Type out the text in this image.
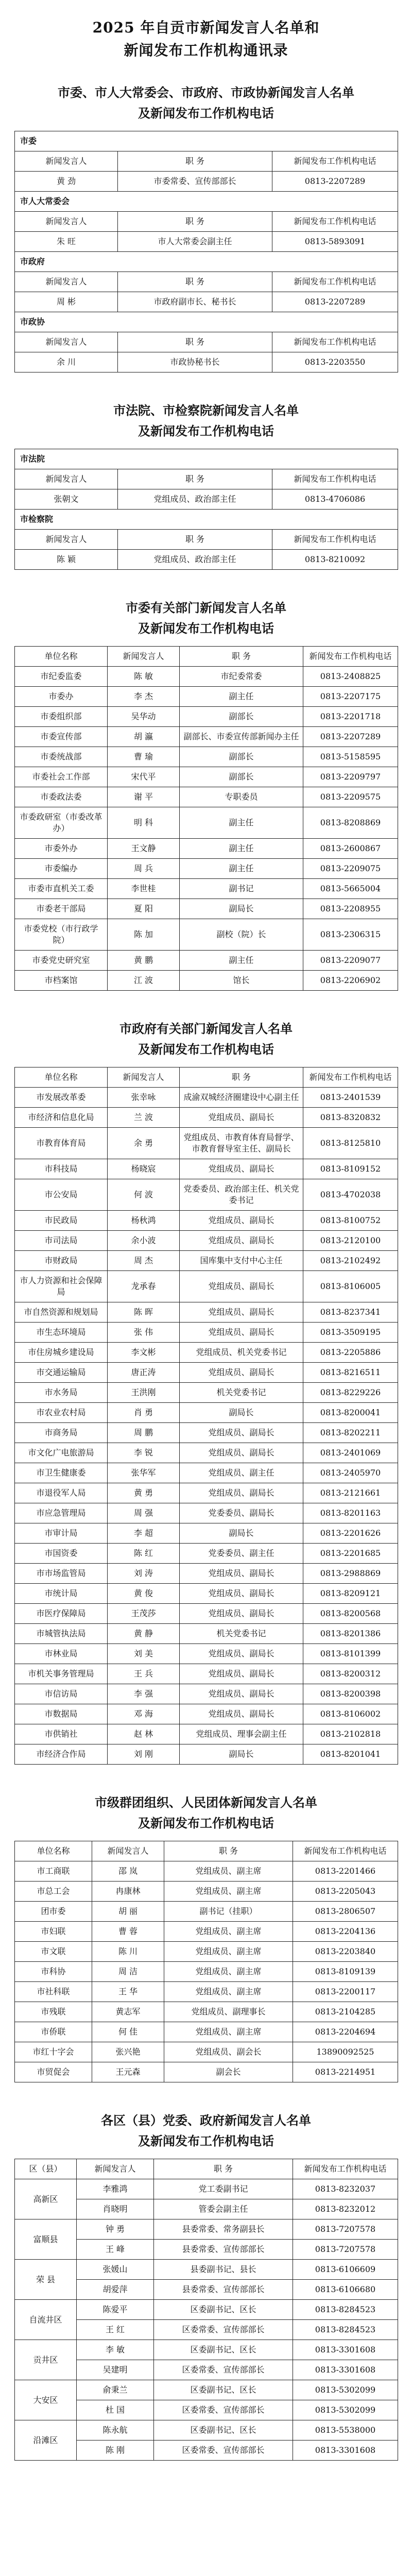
2025 年自贡市新闻发言人名单和
新闻发布工作机构通讯录
市委、市人大常委会、市政府、市政协新闻发言人名单
及新闻发布工作机构电话
市委		
新闻发言人	职 务	新闻发布工作机构电话
黄 劲	市委常委、宣传部部长	0813-2207289
市人大常委会		
新闻发言人	职 务	新闻发布工作机构电话
朱 旺	市人大常委会副主任	0813-5893091
市政府		
新闻发言人	职 务	新闻发布工作机构电话
周 彬	市政府副市长、秘书长	0813-2207289
市政协		
新闻发言人	职 务	新闻发布工作机构电话
余 川	市政协秘书长	0813-2203550
市法院、市检察院新闻发言人名单
及新闻发布工作机构电话
市法院		
新闻发言人	职 务	新闻发布工作机构电话
张朝文	党组成员、政治部主任	0813-4706086
市检察院		
新闻发言人	职 务	新闻发布工作机构电话
陈 颖	党组成员、政治部主任	0813-8210092
市委有关部门新闻发言人名单
及新闻发布工作机构电话
单位名称	新闻发言人	职 务	新闻发布工作机构电话
市纪委监委	陈 敏	市纪委常委	0813-2408825
市委办	李 杰	副主任	0813-2207175
市委组织部	吴华动	副部长	0813-2201718
市委宣传部	胡 瀛	副部长、市委宣传部新闻办主任	0813-2207289
市委统战部	曹 瑜	副部长	0813-5158595
市委社会工作部	宋代平	副部长	0813-2209797
市委政法委	谢 平	专职委员	0813-2209575
市委政研室（市委改革办）	明 科	副主任	0813-8208869
市委外办	王文静	副主任	0813-2600867
市委编办	周 兵	副主任	0813-2209075
市委市直机关工委	李世桂	副书记	0813-5665004
市委老干部局	夏 阳	副局长	0813-2208955
市委党校（市行政学院）	陈 加	副校（院）长	0813-2306315
市委党史研究室	黄 鹏	副主任	0813-2209077
市档案馆	江 波	馆长	0813-2206902
市政府有关部门新闻发言人名单
及新闻发布工作机构电话
单位名称	新闻发言人	职 务	新闻发布工作机构电话
市发展改革委	张幸咏	成渝双城经济圈建设中心副主任	0813-2401539
市经济和信息化局	兰 波	党组成员、副局长	0813-8320832
市教育体育局	余 勇	党组成员、市教育体育局督学、市教育督导室主任、副局长	0813-8125810
市科技局	杨晓宸	党组成员、副局长	0813-8109152
市公安局	何 波	党委委员、政治部主任、机关党委书记	0813-4702038
市民政局	杨秋鸿	党组成员、副局长	0813-8100752
市司法局	余小波	党组成员、副局长	0813-2120100
市财政局	周 杰	国库集中支付中心主任	0813-2102492
市人力资源和社会保障局	龙承春	党组成员、副局长	0813-8106005
市自然资源和规划局	陈 晖	党组成员、副局长	0813-8237341
市生态环境局	张 伟	党组成员、副局长	0813-3509195
市住房城乡建设局	李文彬	党组成员、机关党委书记	0813-2205886
市交通运输局	唐正涛	党组成员、副局长	0813-8216511
市水务局	王洪刚	机关党委书记	0813-8229226
市农业农村局	肖 勇	副局长	0813-8200041
市商务局	周 鹏	党组成员、副局长	0813-8202211
市文化广电旅游局	李 锐	党组成员、副局长	0813-2401069
市卫生健康委	张华军	党组成员、副主任	0813-2405970
市退役军人局	黄 勇	党组成员、副局长	0813-2121661
市应急管理局	周 强	党委委员、副局长	0813-8201163
市审计局	李 超	副局长	0813-2201626
市国资委	陈 红	党委委员、副主任	0813-2201685
市市场监管局	刘 涛	党组成员、副局长	0813-2988869
市统计局	黄 俊	党组成员、副局长	0813-8209121
市医疗保障局	王茂莎	党组成员、副局长	0813-8200568
市城管执法局	黄 静	机关党委书记	0813-8201386
市林业局	刘 美	党组成员、副局长	0813-8101399
市机关事务管理局	王 兵	党组成员、副局长	0813-8200312
市信访局	李 强	党组成员、副局长	0813-8200398
市数据局	邓 海	党组成员、副局长	0813-8106002
市供销社	赵 林	党组成员、理事会副主任	0813-2102818
市经济合作局	刘 刚	副局长	0813-8201041
市级群团组织、人民团体新闻发言人名单
及新闻发布工作机构电话
单位名称	新闻发言人	职 务	新闻发布工作机构电话
市工商联	邵 岚	党组成员、副主席	0813-2201466
市总工会	冉康林	党组成员、副主席	0813-2205043
团市委	胡 丽	副书记（挂职）	0813-2806507
市妇联	曹 蓉	党组成员、副主席	0813-2204136
市文联	陈 川	党组成员、副主席	0813-2203840
市科协	周 洁	党组成员、副主席	0813-8109139
市社科联	王 华	党组成员、副主席	0813-2200117
市残联	黄志军	党组成员、副理事长	0813-2104285
市侨联	何 佳	党组成员、副主席	0813-2204694
市红十字会	张兴艳	党组成员、副会长	13890092525
市贸促会	王元森	副会长	0813-2214951
各区（县）党委、政府新闻发言人名单
及新闻发布工作机构电话
区（县）	新闻发言人	职 务	新闻发布工作机构电话
高新区	李雅鸿	党工委副书记	0813-8232037
	肖晓明	管委会副主任	0813-8232012
富顺县	钟 勇	县委常委、常务副县长	0813-7207578
	王 峰	县委常委、宣传部部长	0813-7207578
荣 县	张媛山	县委副书记、县长	0813-6106609
	胡爱萍	县委常委、宣传部部长	0813-6106680
自流井区	陈爱平	区委副书记、区长	0813-8284523
	王 红	区委常委、宣传部部长	0813-8284523
贡井区	李 敏	区委副书记、区长	0813-3301608
	吴建明	区委常委、宣传部部长	0813-3301608
大安区	俞秉兰	区委副书记、区长	0813-5302099
	杜 国	区委常委、宣传部部长	0813-5302099
沿滩区	陈永航	区委副书记、区长	0813-5538000
	陈 刚	区委常委、宣传部部长	0813-3301608
